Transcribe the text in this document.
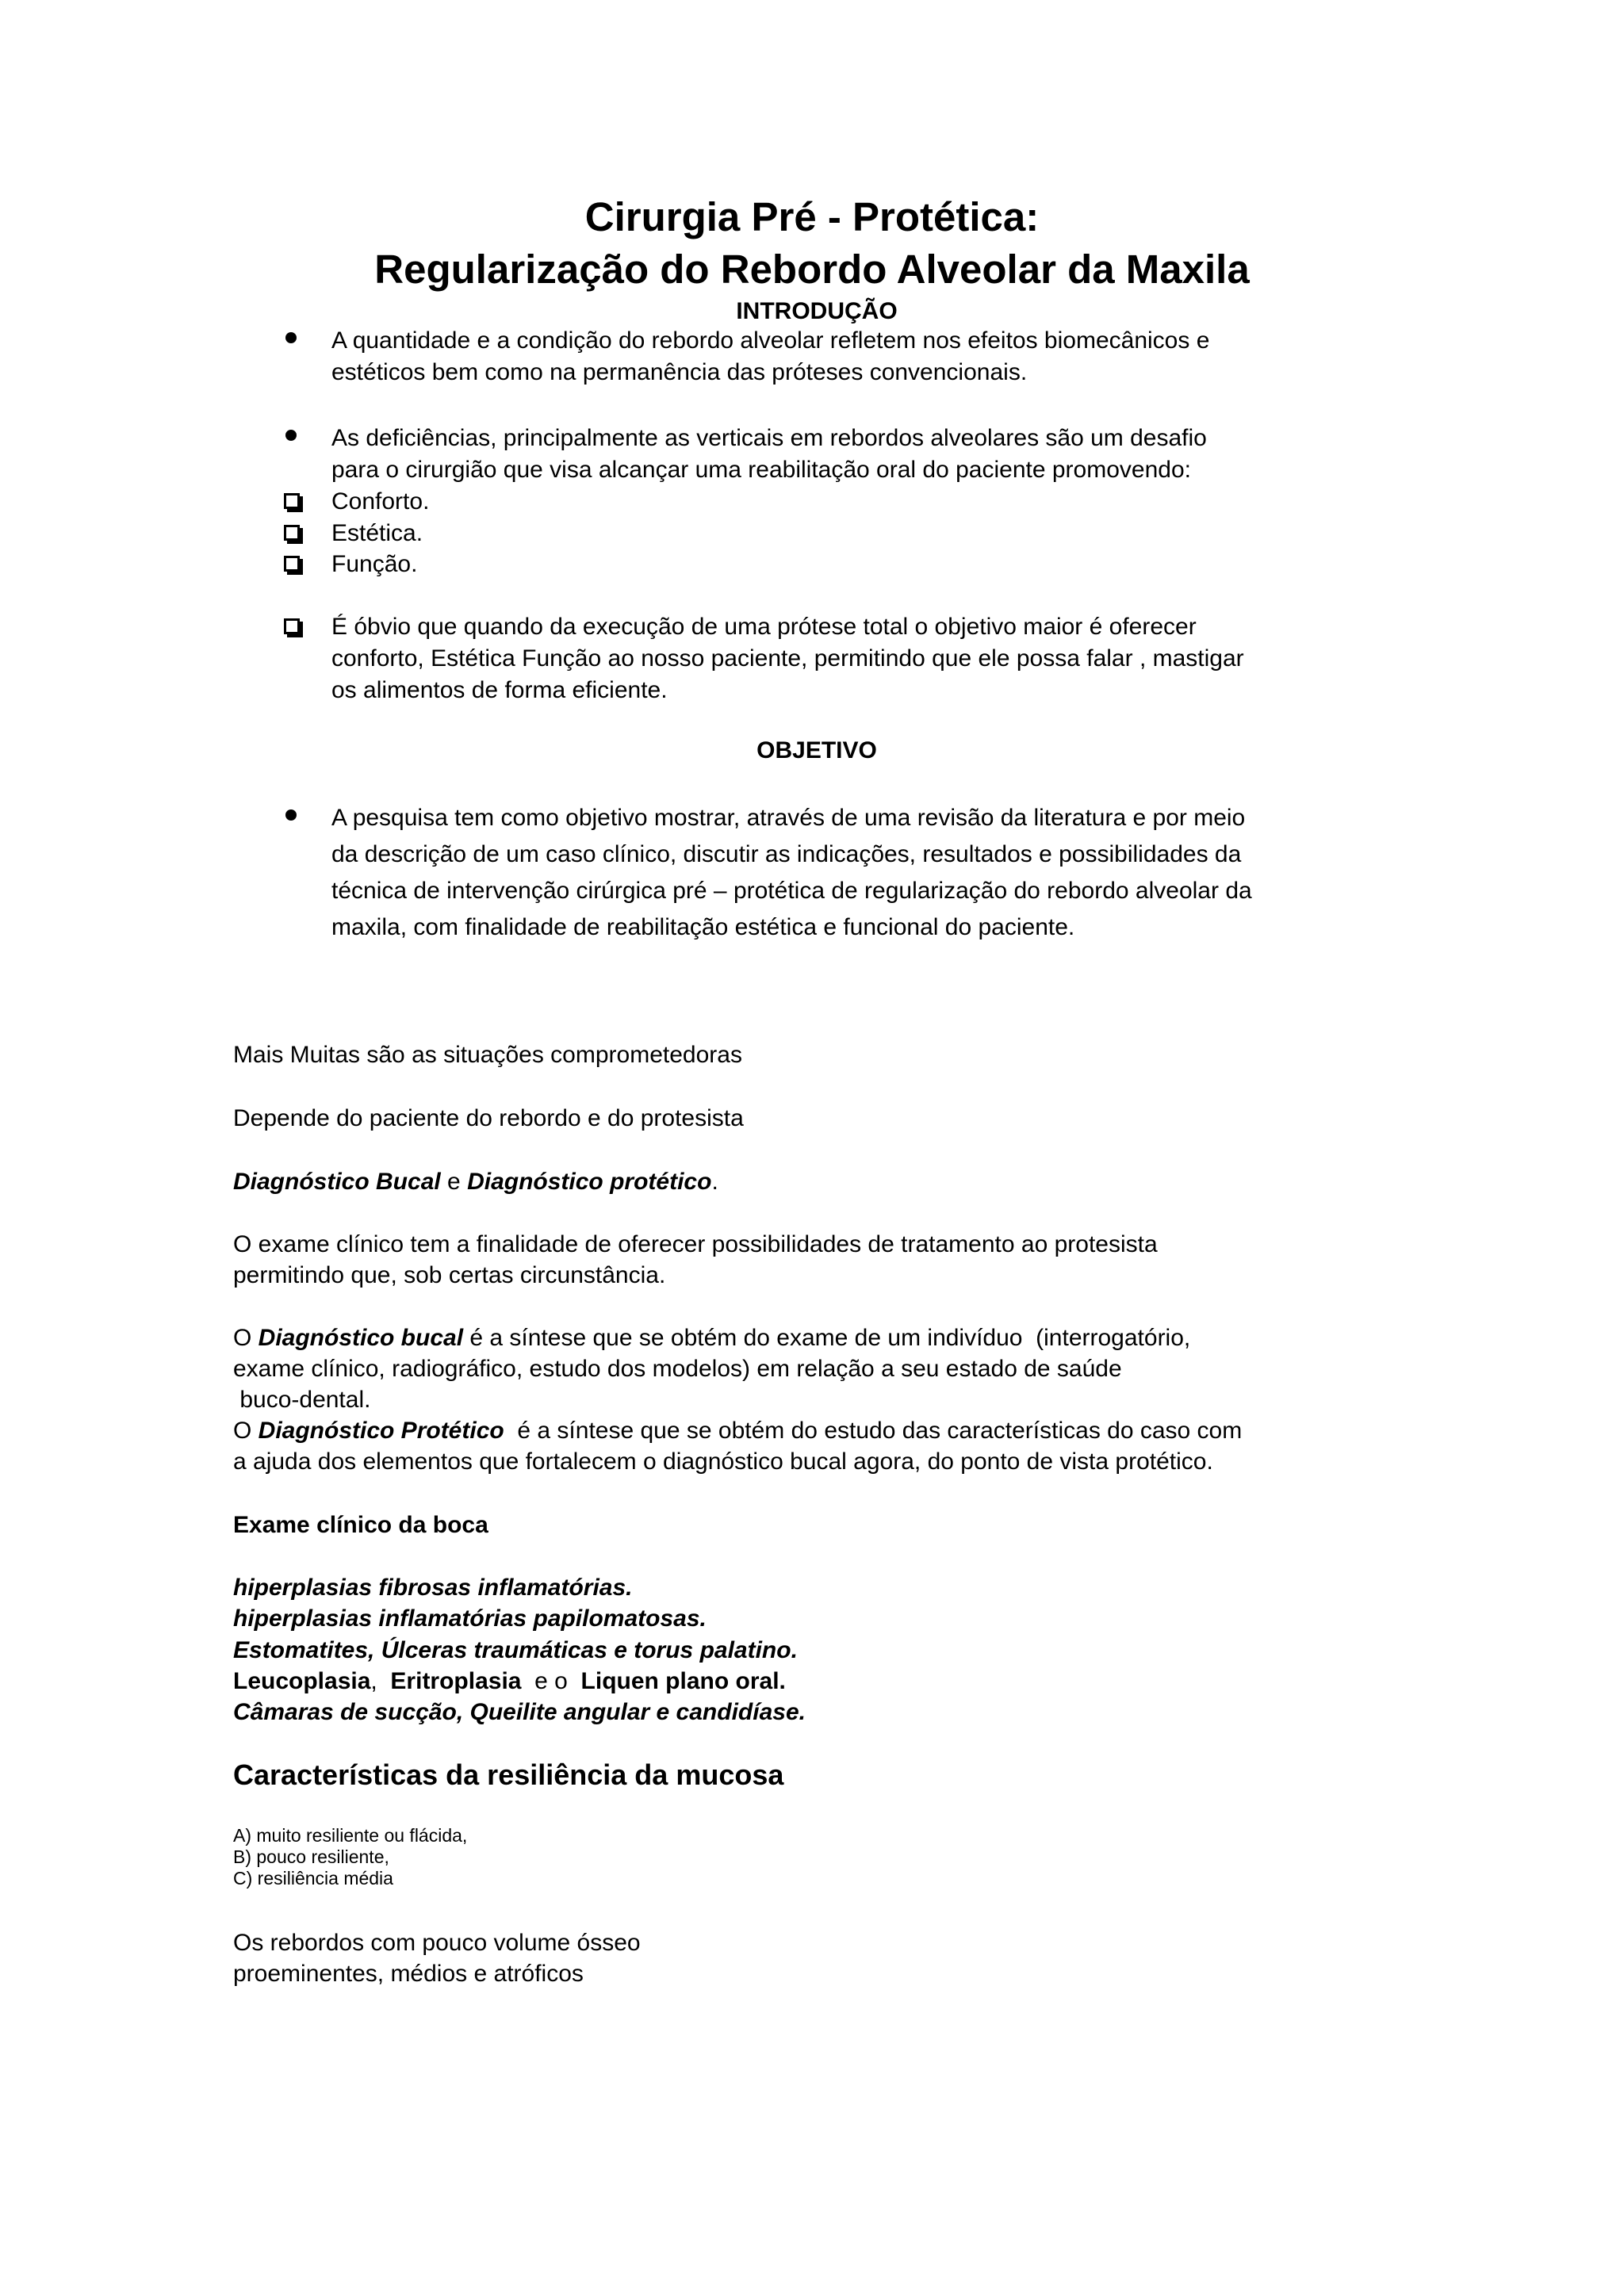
Cirurgia Pré - Protética:
Regularização do Rebordo Alveolar da Maxila
INTRODUÇÃO
A quantidade e a condição do rebordo alveolar refletem nos efeitos biomecânicos e
estéticos bem como na permanência das próteses convencionais.
As deficiências, principalmente as verticais em rebordos alveolares são um desafio
para o cirurgião que visa alcançar uma reabilitação oral do paciente promovendo:
Conforto.
Estética.
Função.
É óbvio que quando da execução de uma prótese total o objetivo maior é oferecer
conforto, Estética Função ao nosso paciente, permitindo que ele possa falar , mastigar
os alimentos de forma eficiente.
OBJETIVO
A pesquisa tem como objetivo mostrar, através de uma revisão da literatura e por meio
da descrição de um caso clínico, discutir as indicações, resultados e possibilidades da
técnica de intervenção cirúrgica pré – protética de regularização do rebordo alveolar da
maxila, com finalidade de reabilitação estética e funcional do paciente.
Mais Muitas são as situações comprometedoras
Depende do paciente do rebordo e do protesista
Diagnóstico Bucal e Diagnóstico protético.
O exame clínico tem a finalidade de oferecer possibilidades de tratamento ao protesista
permitindo que, sob certas circunstância.
O Diagnóstico bucal é a síntese que se obtém do exame de um indivíduo  (interrogatório,
exame clínico, radiográfico, estudo dos modelos) em relação a seu estado de saúde
buco-dental.
O Diagnóstico Protético  é a síntese que se obtém do estudo das características do caso com
a ajuda dos elementos que fortalecem o diagnóstico bucal agora, do ponto de vista protético.
Exame clínico da boca
hiperplasias fibrosas inflamatórias.
hiperplasias inflamatórias papilomatosas.
Estomatites, Úlceras traumáticas e torus palatino.
Leucoplasia,  Eritroplasia  e o  Liquen plano oral.
Câmaras de sucção, Queilite angular e candidíase.
Características da resiliência da mucosa
A) muito resiliente ou flácida,
B) pouco resiliente,
C) resiliência média
Os rebordos com pouco volume ósseo
proeminentes, médios e atróficos
